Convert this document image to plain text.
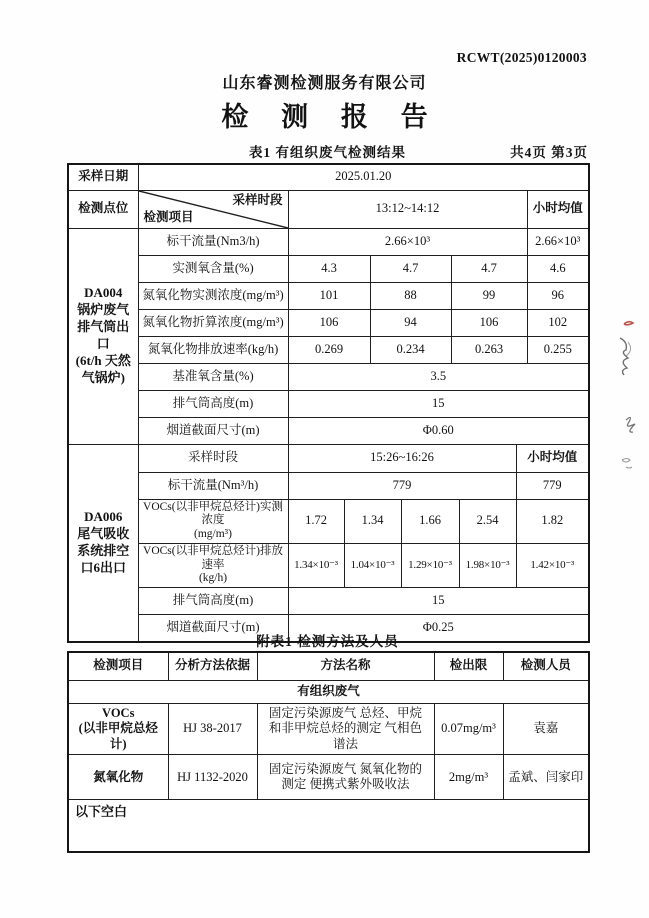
RCWT(2025)0120003
山东睿测检测服务有限公司
检 测 报 告
表1 有组织废气检测结果	共4页 第3页
采样日期	2025.01.20								
检测点位	采样时段
检测项目	13:12~14:12							小时均值

DA004
锅炉废气排气筒出口
(6t/h 天然气锅炉)	标干流量(Nm3/h)	2.66×10³							2.66×10³
	实测氧含量(%)	4.3		4.7		4.7			4.6
	氮氧化物实测浓度(mg/m³)	101		88		99			96
	氮氧化物折算浓度(mg/m³)	106		94		106			102
	氮氧化物排放速率(kg/h)	0.269		0.234		0.263			0.255
	基准氧含量(%)	3.5							
	排气筒高度(m)	15							
	烟道截面尺寸(m)	Φ0.60							

DA006
尾气吸收系统排空口6出口	采样时段	15:26~16:26						小时均值	
	标干流量(Nm³/h)	779						779	

	VOCs(以非甲烷总烃计)实测浓度
(mg/m³)	1.72	1.34		1.66		2.54	1.82	

	VOCs(以非甲烷总烃计)排放速率
(kg/h)	1.34×10⁻³	1.04×10⁻³		1.29×10⁻³		1.98×10⁻³	1.42×10⁻³	
	排气筒高度(m)	15							
	烟道截面尺寸(m)	Φ0.25							
附表1 检测方法及人员
检测项目	分析方法依据	方法名称	检出限	检测人员
有组织废气				

VOCs
(以非甲烷总烃计)	HJ 38-2017	固定污染源废气 总烃、甲烷和非甲烷总烃的测定 气相色谱法	0.07mg/m³	袁嘉
氮氧化物	HJ 1132-2020	固定污染源废气 氮氧化物的测定 便携式紫外吸收法	2mg/m³	孟斌、闫家印
以下空白				
